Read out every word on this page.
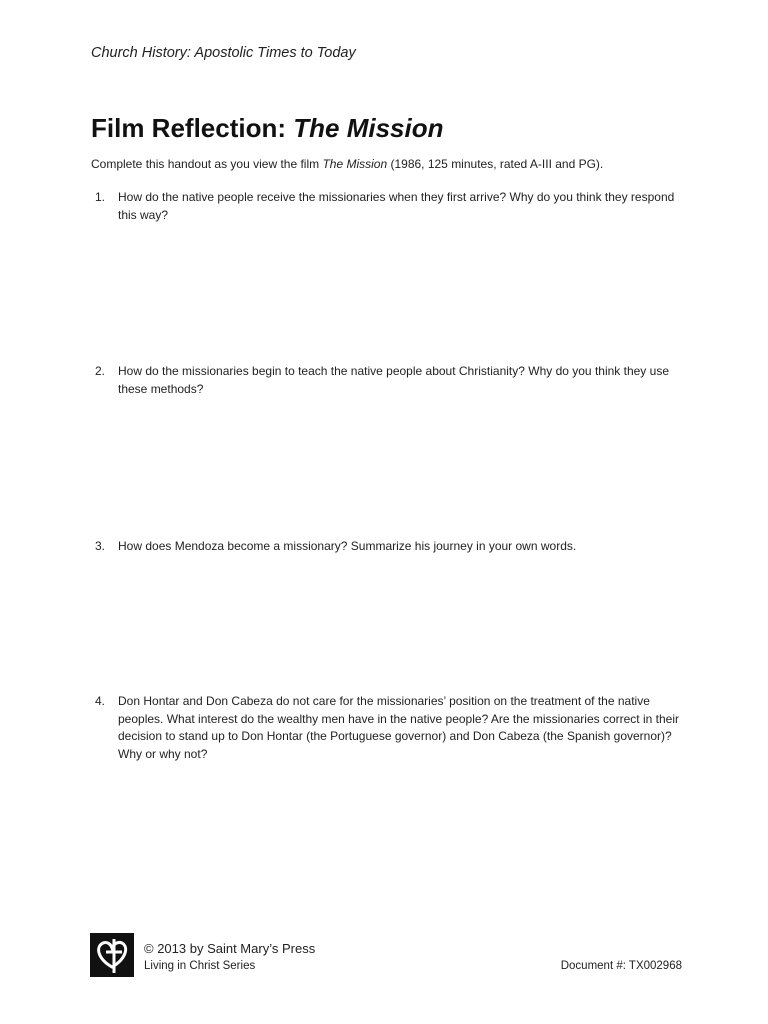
Church History: Apostolic Times to Today
Film Reflection: The Mission
Complete this handout as you view the film The Mission (1986, 125 minutes, rated A-III and PG).
1. How do the native people receive the missionaries when they first arrive? Why do you think they respond this way?
2. How do the missionaries begin to teach the native people about Christianity? Why do you think they use these methods?
3. How does Mendoza become a missionary? Summarize his journey in your own words.
4. Don Hontar and Don Cabeza do not care for the missionaries’ position on the treatment of the native peoples. What interest do the wealthy men have in the native people? Are the missionaries correct in their decision to stand up to Don Hontar (the Portuguese governor) and Don Cabeza (the Spanish governor)? Why or why not?
© 2013 by Saint Mary’s Press
Living in Christ Series	Document #: TX002968
